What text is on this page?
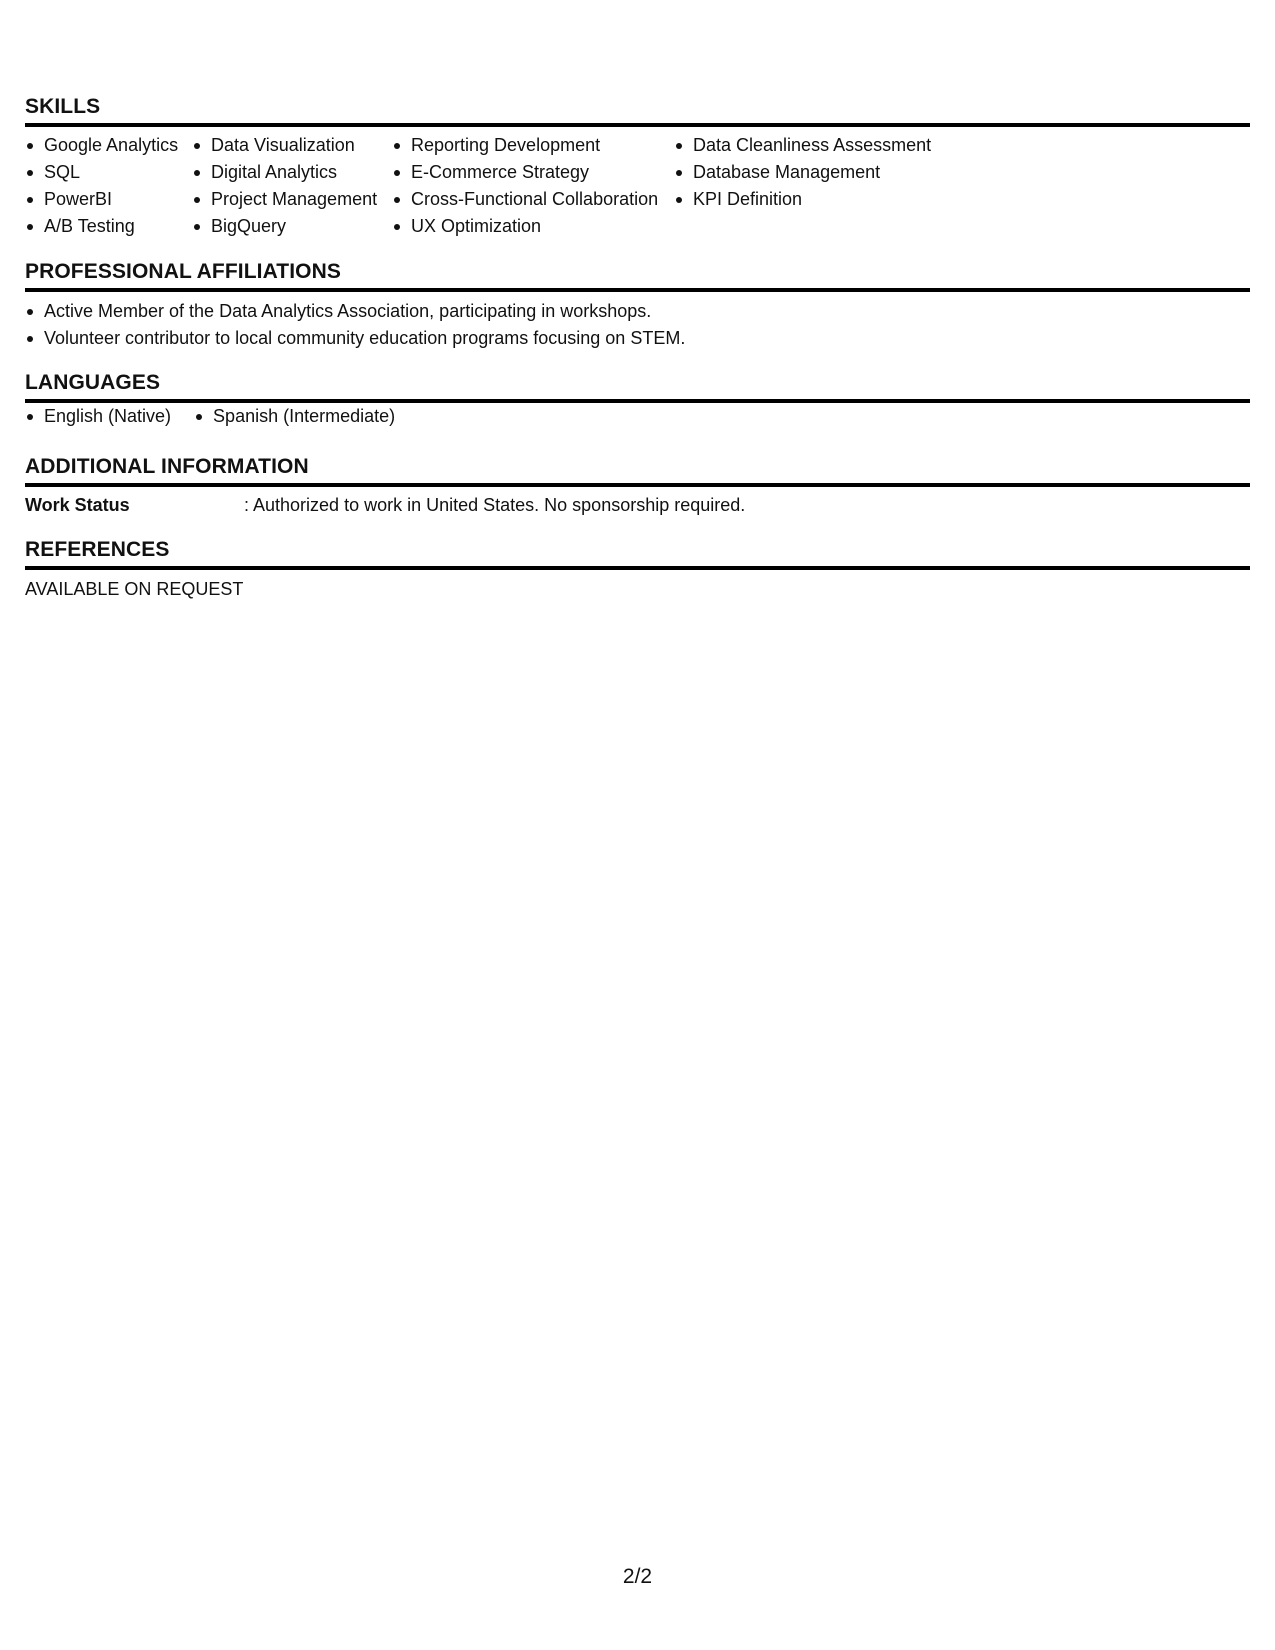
SKILLS
Google Analytics
SQL
PowerBI
A/B Testing
Data Visualization
Digital Analytics
Project Management
BigQuery
Reporting Development
E-Commerce Strategy
Cross-Functional Collaboration
UX Optimization
Data Cleanliness Assessment
Database Management
KPI Definition
PROFESSIONAL AFFILIATIONS
Active Member of the Data Analytics Association, participating in workshops.
Volunteer contributor to local community education programs focusing on STEM.
LANGUAGES
English (Native)	Spanish (Intermediate)
ADDITIONAL INFORMATION
Work Status	: Authorized to work in United States. No sponsorship required.
REFERENCES
AVAILABLE ON REQUEST
2/2
